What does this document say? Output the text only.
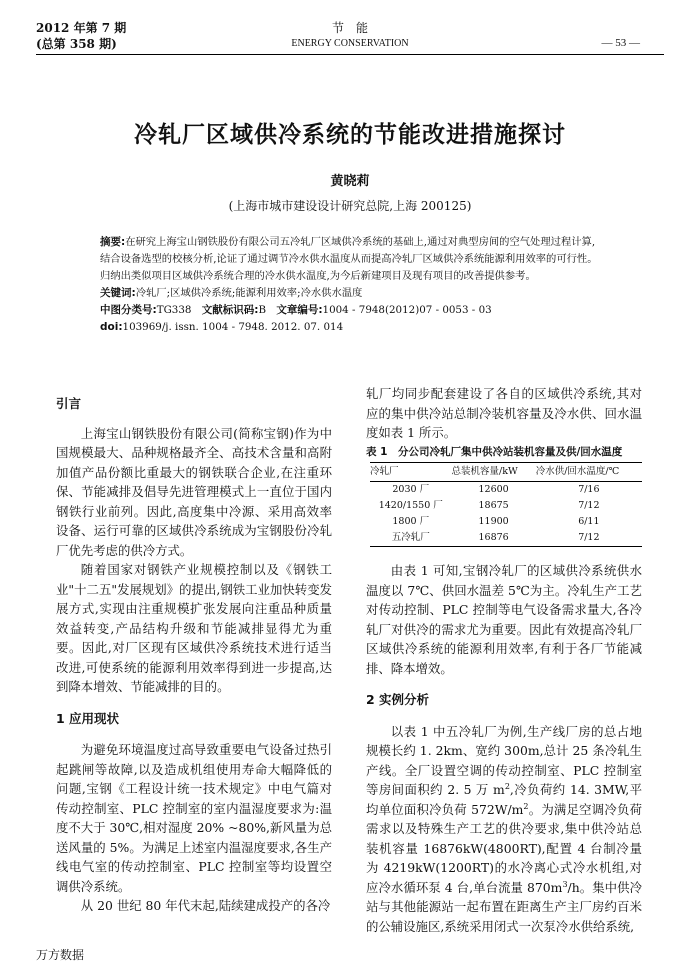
2012 年第 7 期
(总第 358 期)
节　能
ENERGY CONSERVATION	— 53 —
冷轧厂区域供冷系统的节能改进措施探讨
黄晓莉
(上海市城市建设设计研究总院,上海 200125)

摘要:在研究上海宝山钢铁股份有限公司五冷轧厂区域供冷系统的基础上,通过对典型房间的空气处理过程计算,结合设备选型的校核分析,论证了通过调节冷水供水温度从而提高冷轧厂区域供冷系统能源利用效率的可行性。归纳出类似项目区域供冷系统合理的冷水供水温度,为今后新建项目及现有项目的改善提供参考。

关键词:冷轧厂;区域供冷系统;能源利用效率;冷水供水温度

中图分类号:TG338　 文献标识码:B　 文章编号:1004 - 7948(2012)07 - 0053 - 03

doi:103969/j. issn. 1004 - 7948. 2012. 07. 014

引言

上海宝山钢铁股份有限公司(简称宝钢)作为中国规模最大、品种规格最齐全、高技术含量和高附加值产品份额比重最大的钢铁联合企业,在注重环保、节能减排及倡导先进管理模式上一直位于国内钢铁行业前列。因此,高度集中冷源、采用高效率设备、运行可靠的区域供冷系统成为宝钢股份冷轧厂优先考虑的供冷方式。

随着国家对钢铁产业规模控制以及《钢铁工业"十二五"发展规划》的提出,钢铁工业加快转变发展方式,实现由注重规模扩张发展向注重品种质量效益转变,产品结构升级和节能减排显得尤为重要。因此,对厂区现有区域供冷系统技术进行适当改进,可使系统的能源利用效率得到进一步提高,达到降本增效、节能减排的目的。

1 应用现状

为避免环境温度过高导致重要电气设备过热引起跳闸等故障,以及造成机组使用寿命大幅降低的问题,宝钢《工程设计统一技术规定》中电气篇对传动控制室、PLC 控制室的室内温湿度要求为:温度不大于 30℃,相对湿度 20% ~80%,新风量为总送风量的 5%。为满足上述室内温湿度要求,各生产线电气室的传动控制室、PLC 控制室等均设置空调供冷系统。

从 20 世纪 80 年代末起,陆续建成投产的各冷

轧厂均同步配套建设了各自的区域供冷系统,其对应的集中供冷站总制冷装机容量及冷水供、回水温度如表 1 所示。

表 1　分公司冷轧厂集中供冷站装机容量及供/回水温度

冷轧厂	总装机容量/kW	冷水供/回水温度/℃
2030 厂	12600	7/16
1420/1550 厂	18675	7/12
1800 厂	11900	6/11
五冷轧厂	16876	7/12

由表 1 可知,宝钢冷轧厂的区域供冷系统供水温度以 7℃、供回水温差 5℃为主。冷轧生产工艺对传动控制、PLC 控制等电气设备需求量大,各冷轧厂对供冷的需求尤为重要。因此有效提高冷轧厂区域供冷系统的能源利用效率,有利于各厂节能减排、降本增效。

2 实例分析

以表 1 中五冷轧厂为例,生产线厂房的总占地规模长约 1. 2km、宽约 300m,总计 25 条冷轧生产线。全厂设置空调的传动控制室、PLC 控制室等房间面积约 2. 5 万 $m^2$,冷负荷约 14. 3MW,平均单位面积冷负荷 $572W/m^2$。为满足空调冷负荷需求以及特殊生产工艺的供冷要求,集中供冷站总装机容量 16876kW(4800RT),配置 4 台制冷量为 4219kW(1200RT)的水冷离心式冷水机组,对应冷水循环泵 4 台,单台流量 $870m^3/h$。集中供冷站与其他能源站一起布置在距离生产主厂房约百米的公辅设施区,系统采用闭式一次泵冷水供给系统,

万方数据
